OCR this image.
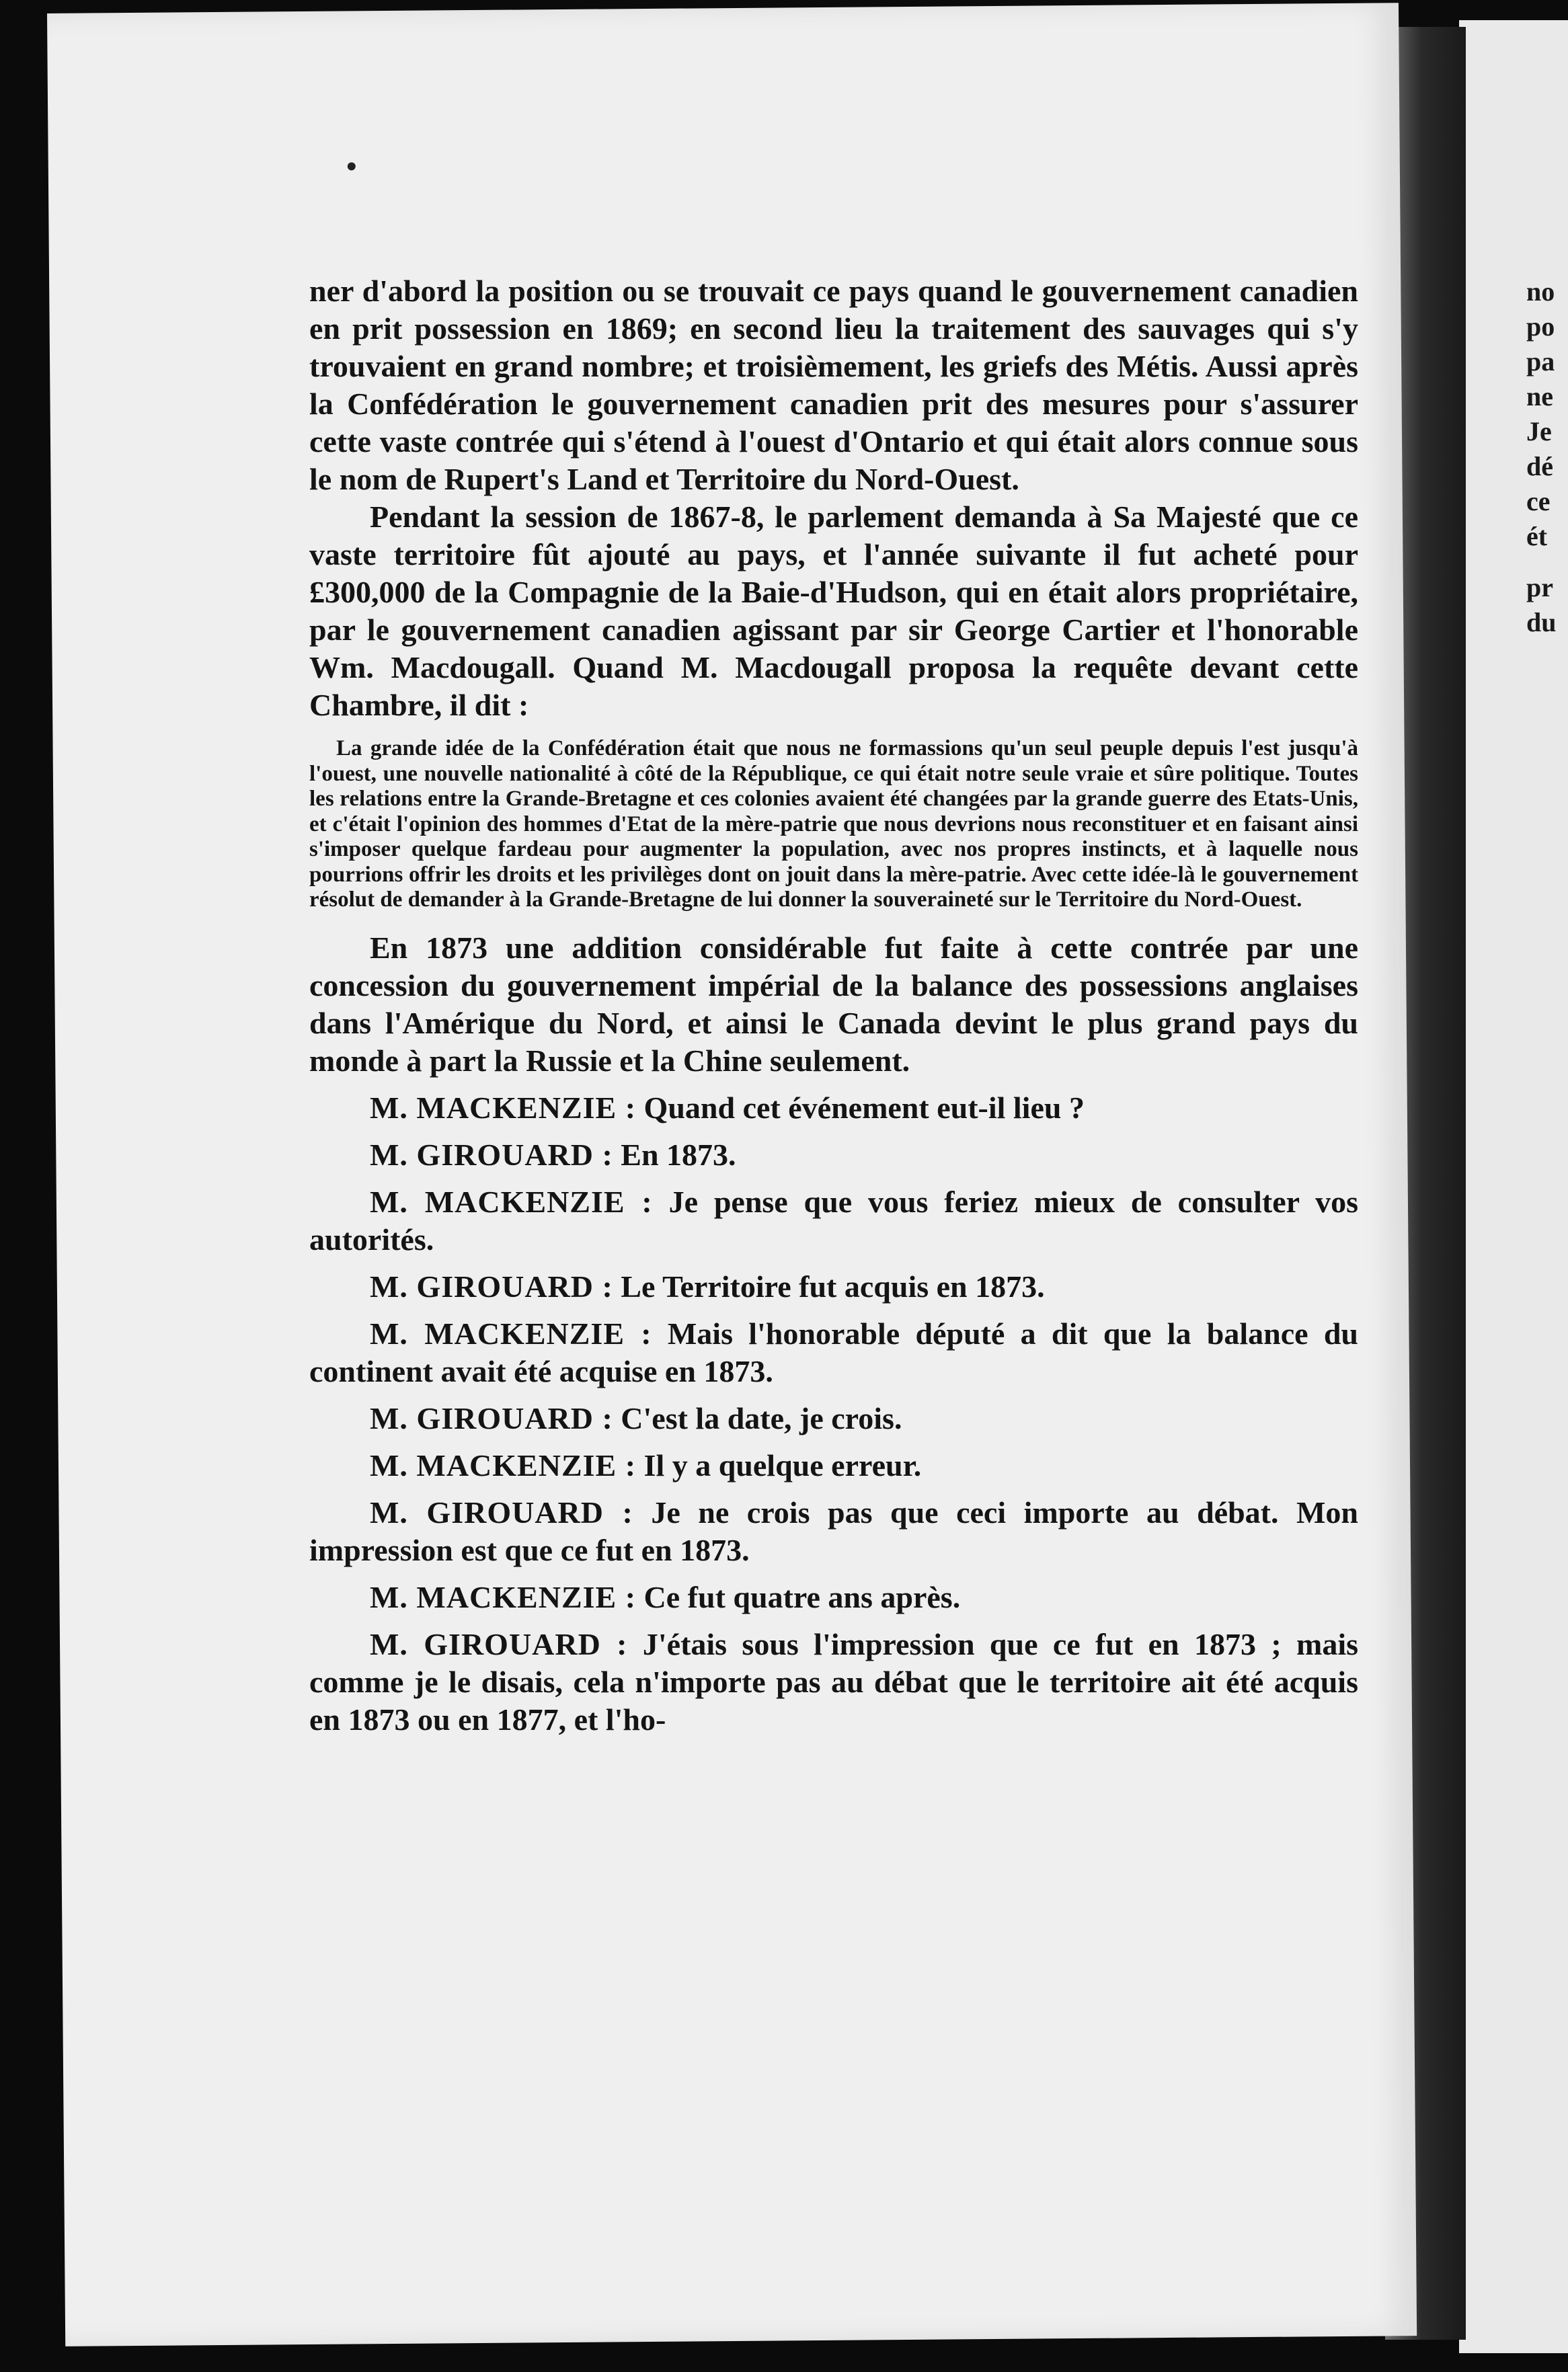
no
po
pa
ne
Je
dé
ce
ét
pr
du

ner d'abord la position ou se trouvait ce pays quand le gouvernement canadien en prit possession en 1869; en second lieu la traitement des sauvages qui s'y trouvaient en grand nombre; et troisièmement, les griefs des Métis. Aussi après la Confédération le gouvernement canadien prit des mesures pour s'assurer cette vaste contrée qui s'étend à l'ouest d'Ontario et qui était alors connue sous le nom de Rupert's Land et Territoire du Nord-Ouest.

Pendant la session de 1867-8, le parlement demanda à Sa Majesté que ce vaste territoire fût ajouté au pays, et l'année suivante il fut acheté pour £300,000 de la Compagnie de la Baie-d'Hudson, qui en était alors propriétaire, par le gouvernement canadien agissant par sir George Cartier et l'honorable Wm. Macdougall. Quand M. Macdougall proposa la requête devant cette Chambre, il dit :

La grande idée de la Confédération était que nous ne formassions qu'un seul peuple depuis l'est jusqu'à l'ouest, une nouvelle nationalité à côté de la République, ce qui était notre seule vraie et sûre politique. Toutes les relations entre la Grande-Bretagne et ces colonies avaient été changées par la grande guerre des Etats-Unis, et c'était l'opinion des hommes d'Etat de la mère-patrie que nous devrions nous reconstituer et en faisant ainsi s'imposer quelque fardeau pour augmenter la population, avec nos propres instincts, et à laquelle nous pourrions offrir les droits et les privilèges dont on jouit dans la mère-patrie. Avec cette idée-là le gouvernement résolut de demander à la Grande-Bretagne de lui donner la souveraineté sur le Territoire du Nord-Ouest.

En 1873 une addition considérable fut faite à cette contrée par une concession du gouvernement impérial de la balance des possessions anglaises dans l'Amérique du Nord, et ainsi le Canada devint le plus grand pays du monde à part la Russie et la Chine seulement.

M. MACKENZIE : Quand cet événement eut-il lieu ?

M. GIROUARD : En 1873.

M. MACKENZIE : Je pense que vous feriez mieux de consulter vos autorités.

M. GIROUARD : Le Territoire fut acquis en 1873.

M. MACKENZIE : Mais l'honorable député a dit que la balance du continent avait été acquise en 1873.

M. GIROUARD : C'est la date, je crois.

M. MACKENZIE : Il y a quelque erreur.

M. GIROUARD : Je ne crois pas que ceci importe au débat. Mon impression est que ce fut en 1873.

M. MACKENZIE : Ce fut quatre ans après.

M. GIROUARD : J'étais sous l'impression que ce fut en 1873 ; mais comme je le disais, cela n'importe pas au débat que le territoire ait été acquis en 1873 ou en 1877, et l'ho-
